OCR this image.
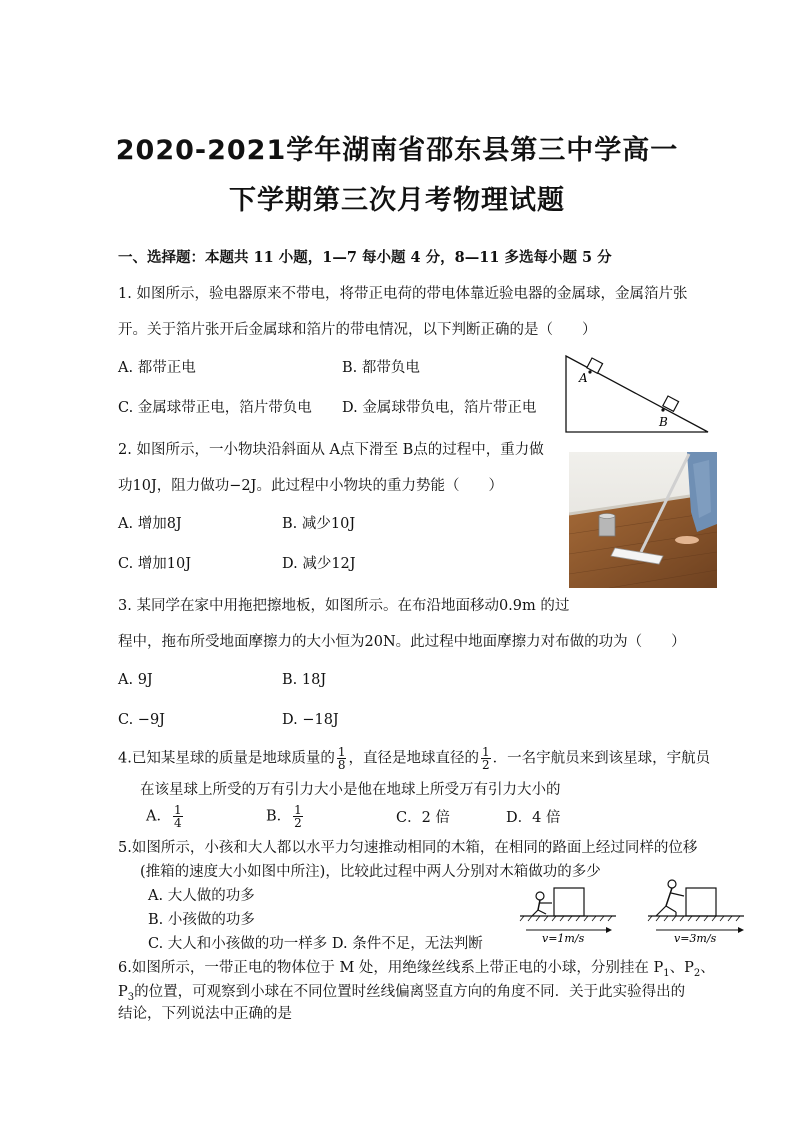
2020-2021学年湖南省邵东县第三中学高一
下学期第三次月考物理试题
一、选择题：本题共 11 小题，1—7 每小题 4 分，8—11 多选每小题 5 分
1. 如图所示，验电器原来不带电，将带正电荷的带电体靠近验电器的金属球，金属箔片张
开。关于箔片张开后金属球和箔片的带电情况，以下判断正确的是（　　）
A. 都带正电	B. 都带负电
C. 金属球带正电，箔片带负电 D. 金属球带负电，箔片带正电
A
B
2. 如图所示，一小物块沿斜面从 A点下滑至 B点的过程中，重力做
功10J，阻力做功−2J。此过程中小物块的重力势能（　　）
A. 增加8J	B. 减少10J
C. 增加10J	D. 减少12J
3. 某同学在家中用拖把擦地板，如图所示。在布沿地面移动0.9m 的过
程中，拖布所受地面摩擦力的大小恒为20N。此过程中地面摩擦力对布做的功为（　　）
A. 9J	B. 18J
C. −9J	D. −18J
4.已知某星球的质量是地球质量的 $\frac{1}{8}$ ，直径是地球直径的 $\frac{1}{2}$ ．一名宇航员来到该星球，宇航员
在该星球上所受的万有引力大小是他在地球上所受万有引力大小的
A． $\frac{1}{4}$	B． $\frac{1}{2}$	C．2 倍	D．4 倍
5.如图所示，小孩和大人都以水平力匀速推动相同的木箱，在相同的路面上经过同样的位移
(推箱的速度大小如图中所注)，比较此过程中两人分别对木箱做功的多少
A. 大人做的功多
B. 小孩做的功多
C. 大人和小孩做的功一样多 D. 条件不足，无法判断	v=1m/s	v=3m/s
6.如图所示，一带正电的物体位于 M 处，用绝缘丝线系上带正电的小球，分别挂在 $P_1$、$P_2$、
$P_3$的位置，可观察到小球在不同位置时丝线偏离竖直方向的角度不同．关于此实验得出的
结论，下列说法中正确的是
